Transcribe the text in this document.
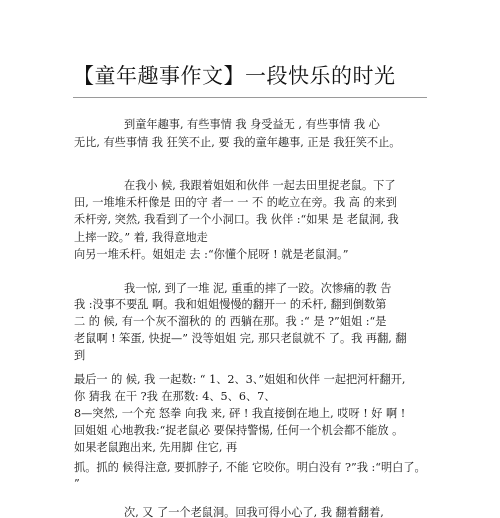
【童年趣事作文】一段快乐的时光
到童年趣事, 有些事情 我 身受益无 , 有些事情 我 心
无比, 有些事情 我 狂笑不止, 要 我的童年趣事, 正是 我狂笑不止。
在我小 候, 我跟着姐姐和伙伴 一起去田里捉老鼠。下了
田, 一堆堆禾杆像是 田的守 者一 一 不 的屹立在旁。我 高 的来到
禾杆旁, 突然, 我看到了一个小洞口。我 伙伴 :“如果 是 老鼠洞, 我
上摔一跤。” 着, 我得意地走
向另一堆禾杆。姐姐走 去 :“你懂个屁呀 ! 就是老鼠洞。”
我一惊, 到了一堆 泥, 重重的摔了一跤。次惨痛的教 告
我 :没事不要乱 啊。我和姐姐慢慢的翻开一 的禾杆, 翻到倒数第
二 的 候, 有一个灰不溜秋的 的 西躺在那。我 :“ 是 ?”姐姐 :“是
老鼠啊 ! 笨蛋, 快捉—” 没等姐姐 完, 那只老鼠就不 了。我 再翻, 翻
到
最后一 的 候, 我 一起数: “ 1、2、3、”姐姐和伙伴 一起把河杆翻开,
你 猜我 在干 ?我 在那数: 4、5、6、7、
8—突然, 一个充 怒拳 向我 来, 砰 ! 我直接倒在地上, 哎呀 ! 好 啊 !
回姐姐 心地教我:“捉老鼠必 要保持警惕, 任何一个机会都不能放 。
如果老鼠跑出来, 先用脚 住它, 再
抓。抓的 候得注意, 要抓脖子, 不能 它咬你。明白没有 ?”我 :“明白了。
”
次, 又 了一个老鼠洞。回我可得小心了, 我 翻着翻着,
